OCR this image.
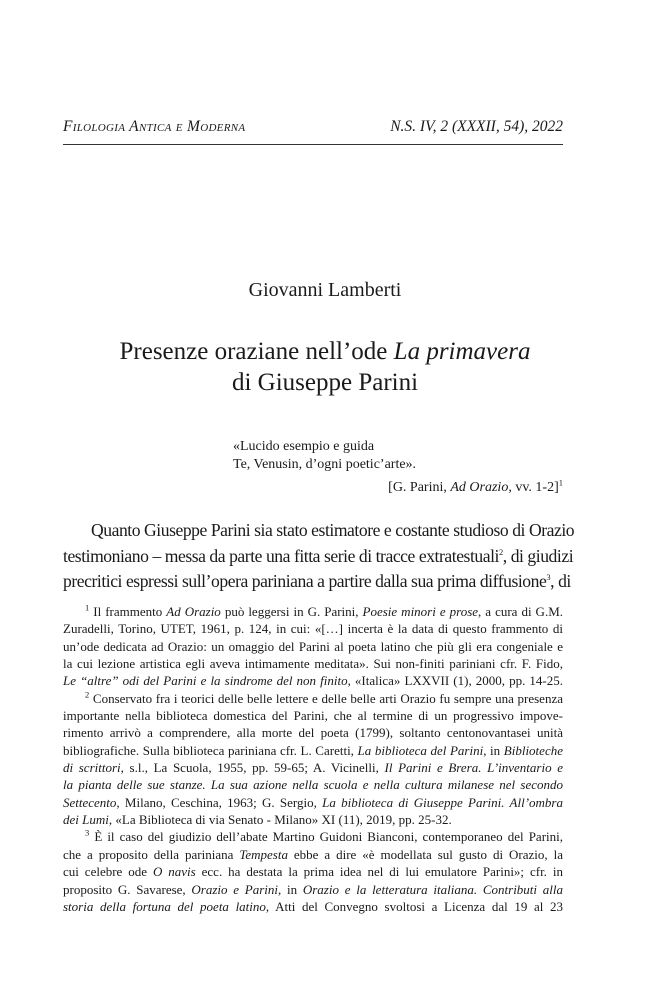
Filologia Antica e Moderna	N.S. IV, 2 (XXXII, 54), 2022
Giovanni Lamberti
Presenze oraziane nell’ode La primavera
di Giuseppe Parini
«Lucido esempio e guida
Te, Venusin, d’ogni poetic’arte».
[G. Parini, Ad Orazio, vv. 1-2]$^1$
Quanto Giuseppe Parini sia stato estimatore e costante studioso di Orazio
testimoniano – messa da parte una fitta serie di tracce extratestuali$^2$, di giudizi
precritici espressi sull’opera pariniana a partire dalla sua prima diffusione$^3$, di
$^1$ Il frammento Ad Orazio può leggersi in G. Parini, Poesie minori e prose, a cura di G.M.
Zuradelli, Torino, UTET, 1961, p. 124, in cui: «[…] incerta è la data di questo frammento di
un’ode dedicata ad Orazio: un omaggio del Parini al poeta latino che più gli era congeniale e
la cui lezione artistica egli aveva intimamente meditata». Sui non-finiti pariniani cfr. F. Fido,
Le “altre” odi del Parini e la sindrome del non finito, «Italica» LXXVII (1), 2000, pp. 14-25.
$^2$ Conservato fra i teorici delle belle lettere e delle belle arti Orazio fu sempre una presenza
importante nella biblioteca domestica del Parini, che al termine di un progressivo impove-
rimento arrivò a comprendere, alla morte del poeta (1799), soltanto centonovantasei unità
bibliografiche. Sulla biblioteca pariniana cfr. L. Caretti, La biblioteca del Parini, in Biblioteche
di scrittori, s.l., La Scuola, 1955, pp. 59-65; A. Vicinelli, Il Parini e Brera. L’inventario e
la pianta delle sue stanze. La sua azione nella scuola e nella cultura milanese nel secondo
Settecento, Milano, Ceschina, 1963; G. Sergio, La biblioteca di Giuseppe Parini. All’ombra
dei Lumi, «La Biblioteca di via Senato - Milano» XI (11), 2019, pp. 25-32.
$^3$ È il caso del giudizio dell’abate Martino Guidoni Bianconi, contemporaneo del Parini,
che a proposito della pariniana Tempesta ebbe a dire «è modellata sul gusto di Orazio, la
cui celebre ode O navis ecc. ha destata la prima idea nel di lui emulatore Parini»; cfr. in
proposito G. Savarese, Orazio e Parini, in Orazio e la letteratura italiana. Contributi alla
storia della fortuna del poeta latino, Atti del Convegno svoltosi a Licenza dal 19 al 23
